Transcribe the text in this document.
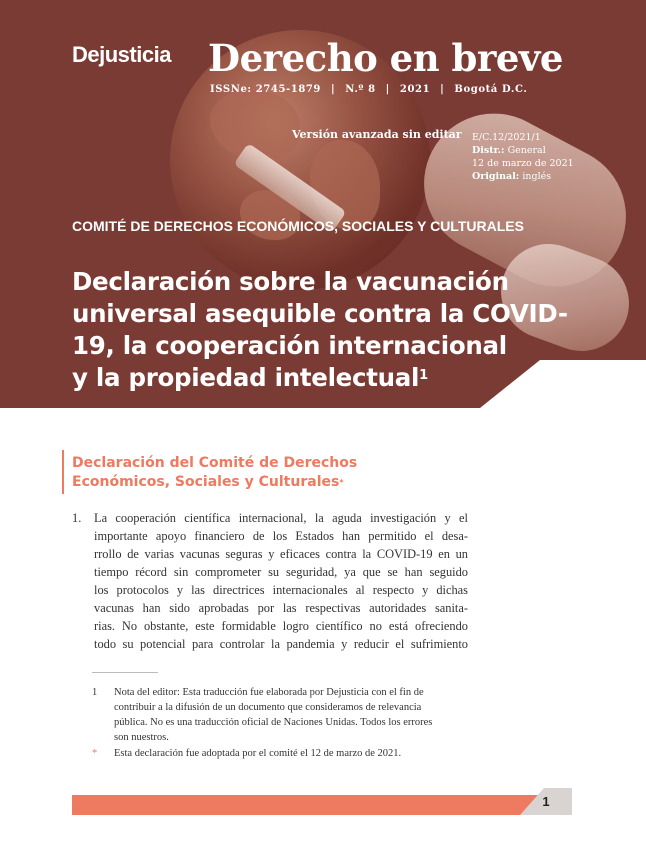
Dejusticia Derecho en breve
ISSNe: 2745-1879 | N.º 8 | 2021 | Bogotá D.C.
Versión avanzada sin editar E/C.12/2021/1
Distr.: General
12 de marzo de 2021
Original: inglés
COMITÉ DE DERECHOS ECONÓMICOS, SOCIALES Y CULTURALES
Declaración sobre la vacunación
universal asequible contra la COVID-
19, la cooperación internacional
y la propiedad intelectual$^1$
Declaración del Comité de Derechos
Económicos, Sociales y Culturales*
1. La cooperación científica internacional, la aguda investigación y el
importante apoyo financiero de los Estados han permitido el desa-
rrollo de varias vacunas seguras y eficaces contra la COVID-19 en un
tiempo récord sin comprometer su seguridad, ya que se han seguido
los protocolos y las directrices internacionales al respecto y dichas
vacunas han sido aprobadas por las respectivas autoridades sanita-
rias. No obstante, este formidable logro científico no está ofreciendo
todo su potencial para controlar la pandemia y reducir el sufrimiento
1 Nota del editor: Esta traducción fue elaborada por Dejusticia con el fin de
contribuir a la difusión de un documento que consideramos de relevancia
pública. No es una traducción oficial de Naciones Unidas. Todos los errores
son nuestros.
* Esta declaración fue adoptada por el comité el 12 de marzo de 2021.
1
